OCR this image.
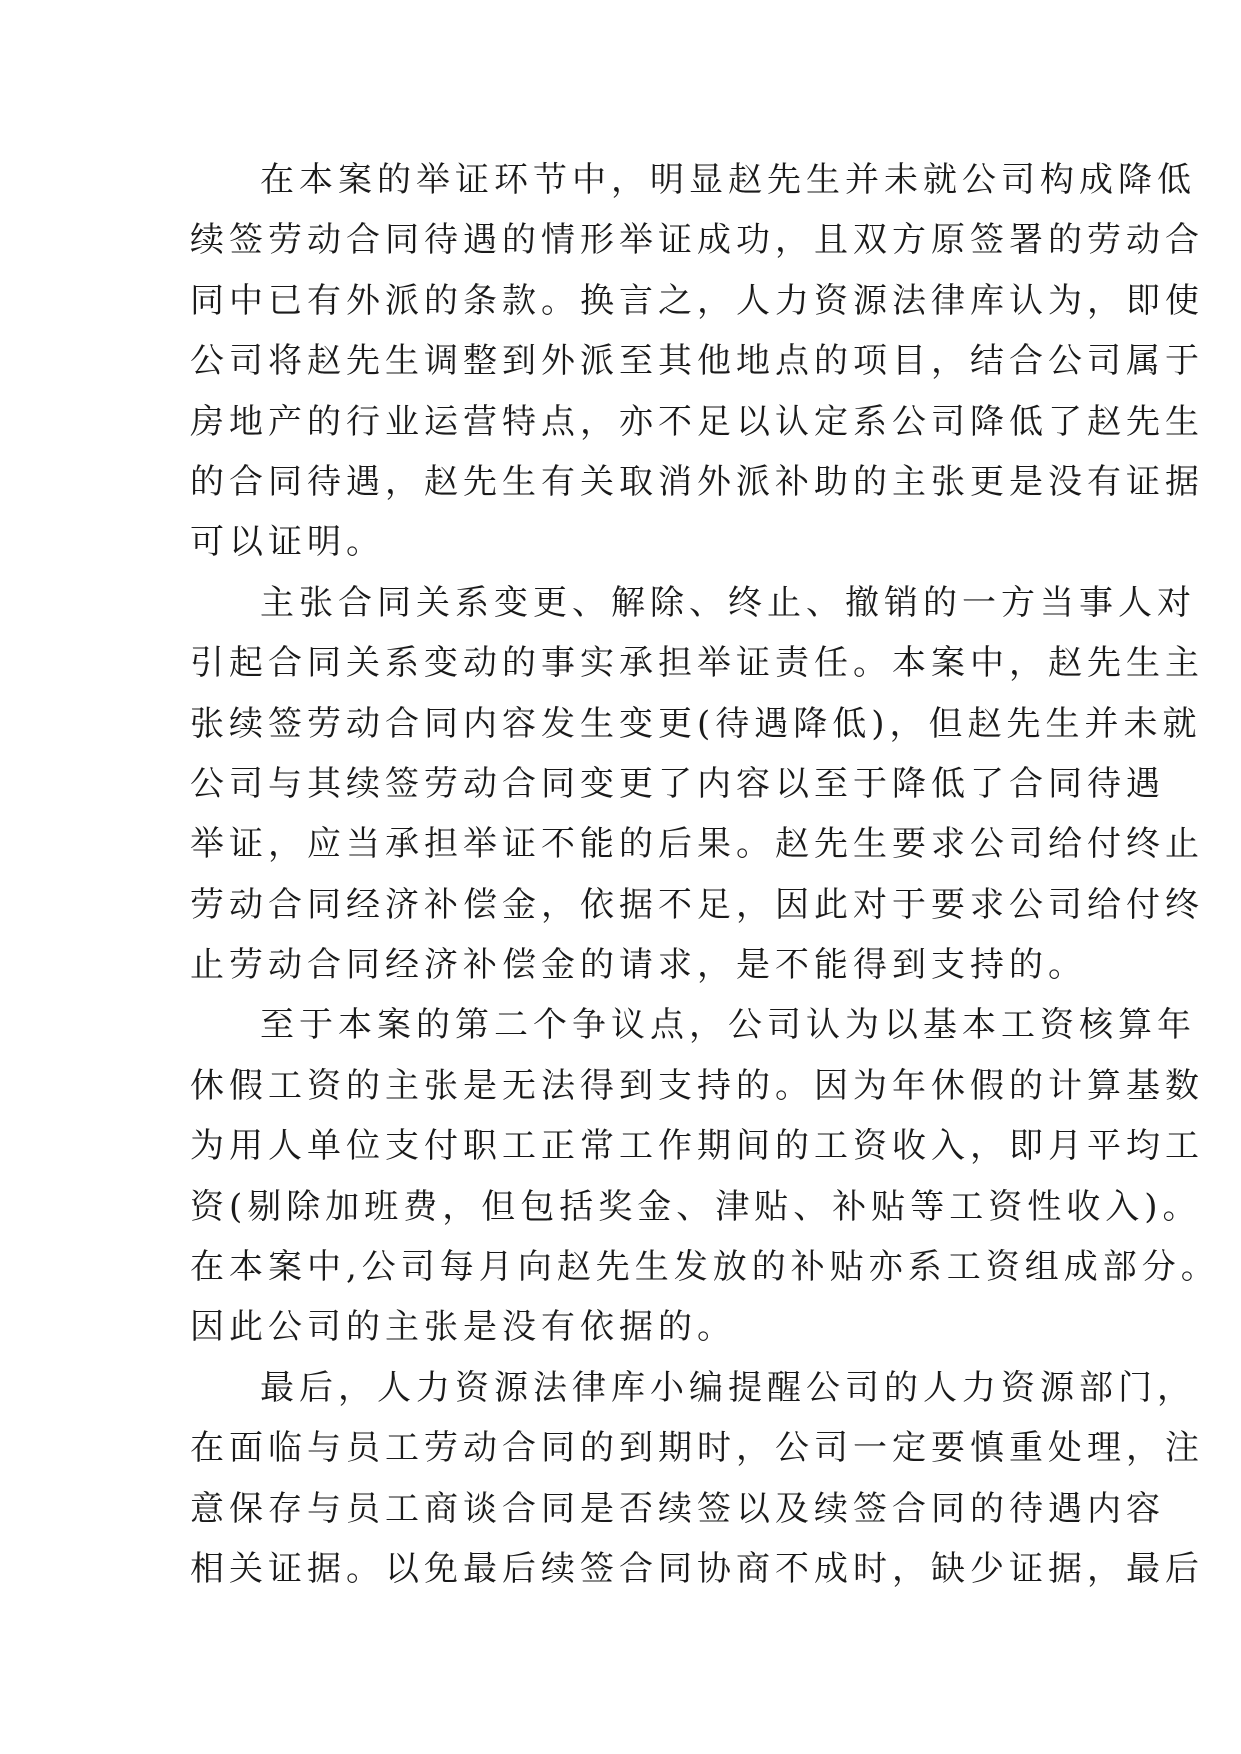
在本案的举证环节中，明显赵先生并未就公司构成降低
续签劳动合同待遇的情形举证成功，且双方原签署的劳动合
同中已有外派的条款。换言之，人力资源法律库认为，即使
公司将赵先生调整到外派至其他地点的项目，结合公司属于
房地产的行业运营特点，亦不足以认定系公司降低了赵先生
的合同待遇，赵先生有关取消外派补助的主张更是没有证据
可以证明。
主张合同关系变更、解除、终止、撤销的一方当事人对
引起合同关系变动的事实承担举证责任。本案中，赵先生主
张续签劳动合同内容发生变更(待遇降低)，但赵先生并未就
公司与其续签劳动合同变更了内容以至于降低了合同待遇
举证，应当承担举证不能的后果。赵先生要求公司给付终止
劳动合同经济补偿金，依据不足，因此对于要求公司给付终
止劳动合同经济补偿金的请求，是不能得到支持的。
至于本案的第二个争议点，公司认为以基本工资核算年
休假工资的主张是无法得到支持的。因为年休假的计算基数
为用人单位支付职工正常工作期间的工资收入，即月平均工
资(剔除加班费，但包括奖金、津贴、补贴等工资性收入)。
在本案中,公司每月向赵先生发放的补贴亦系工资组成部分。
因此公司的主张是没有依据的。
最后，人力资源法律库小编提醒公司的人力资源部门，
在面临与员工劳动合同的到期时，公司一定要慎重处理，注
意保存与员工商谈合同是否续签以及续签合同的待遇内容
相关证据。以免最后续签合同协商不成时，缺少证据，最后
